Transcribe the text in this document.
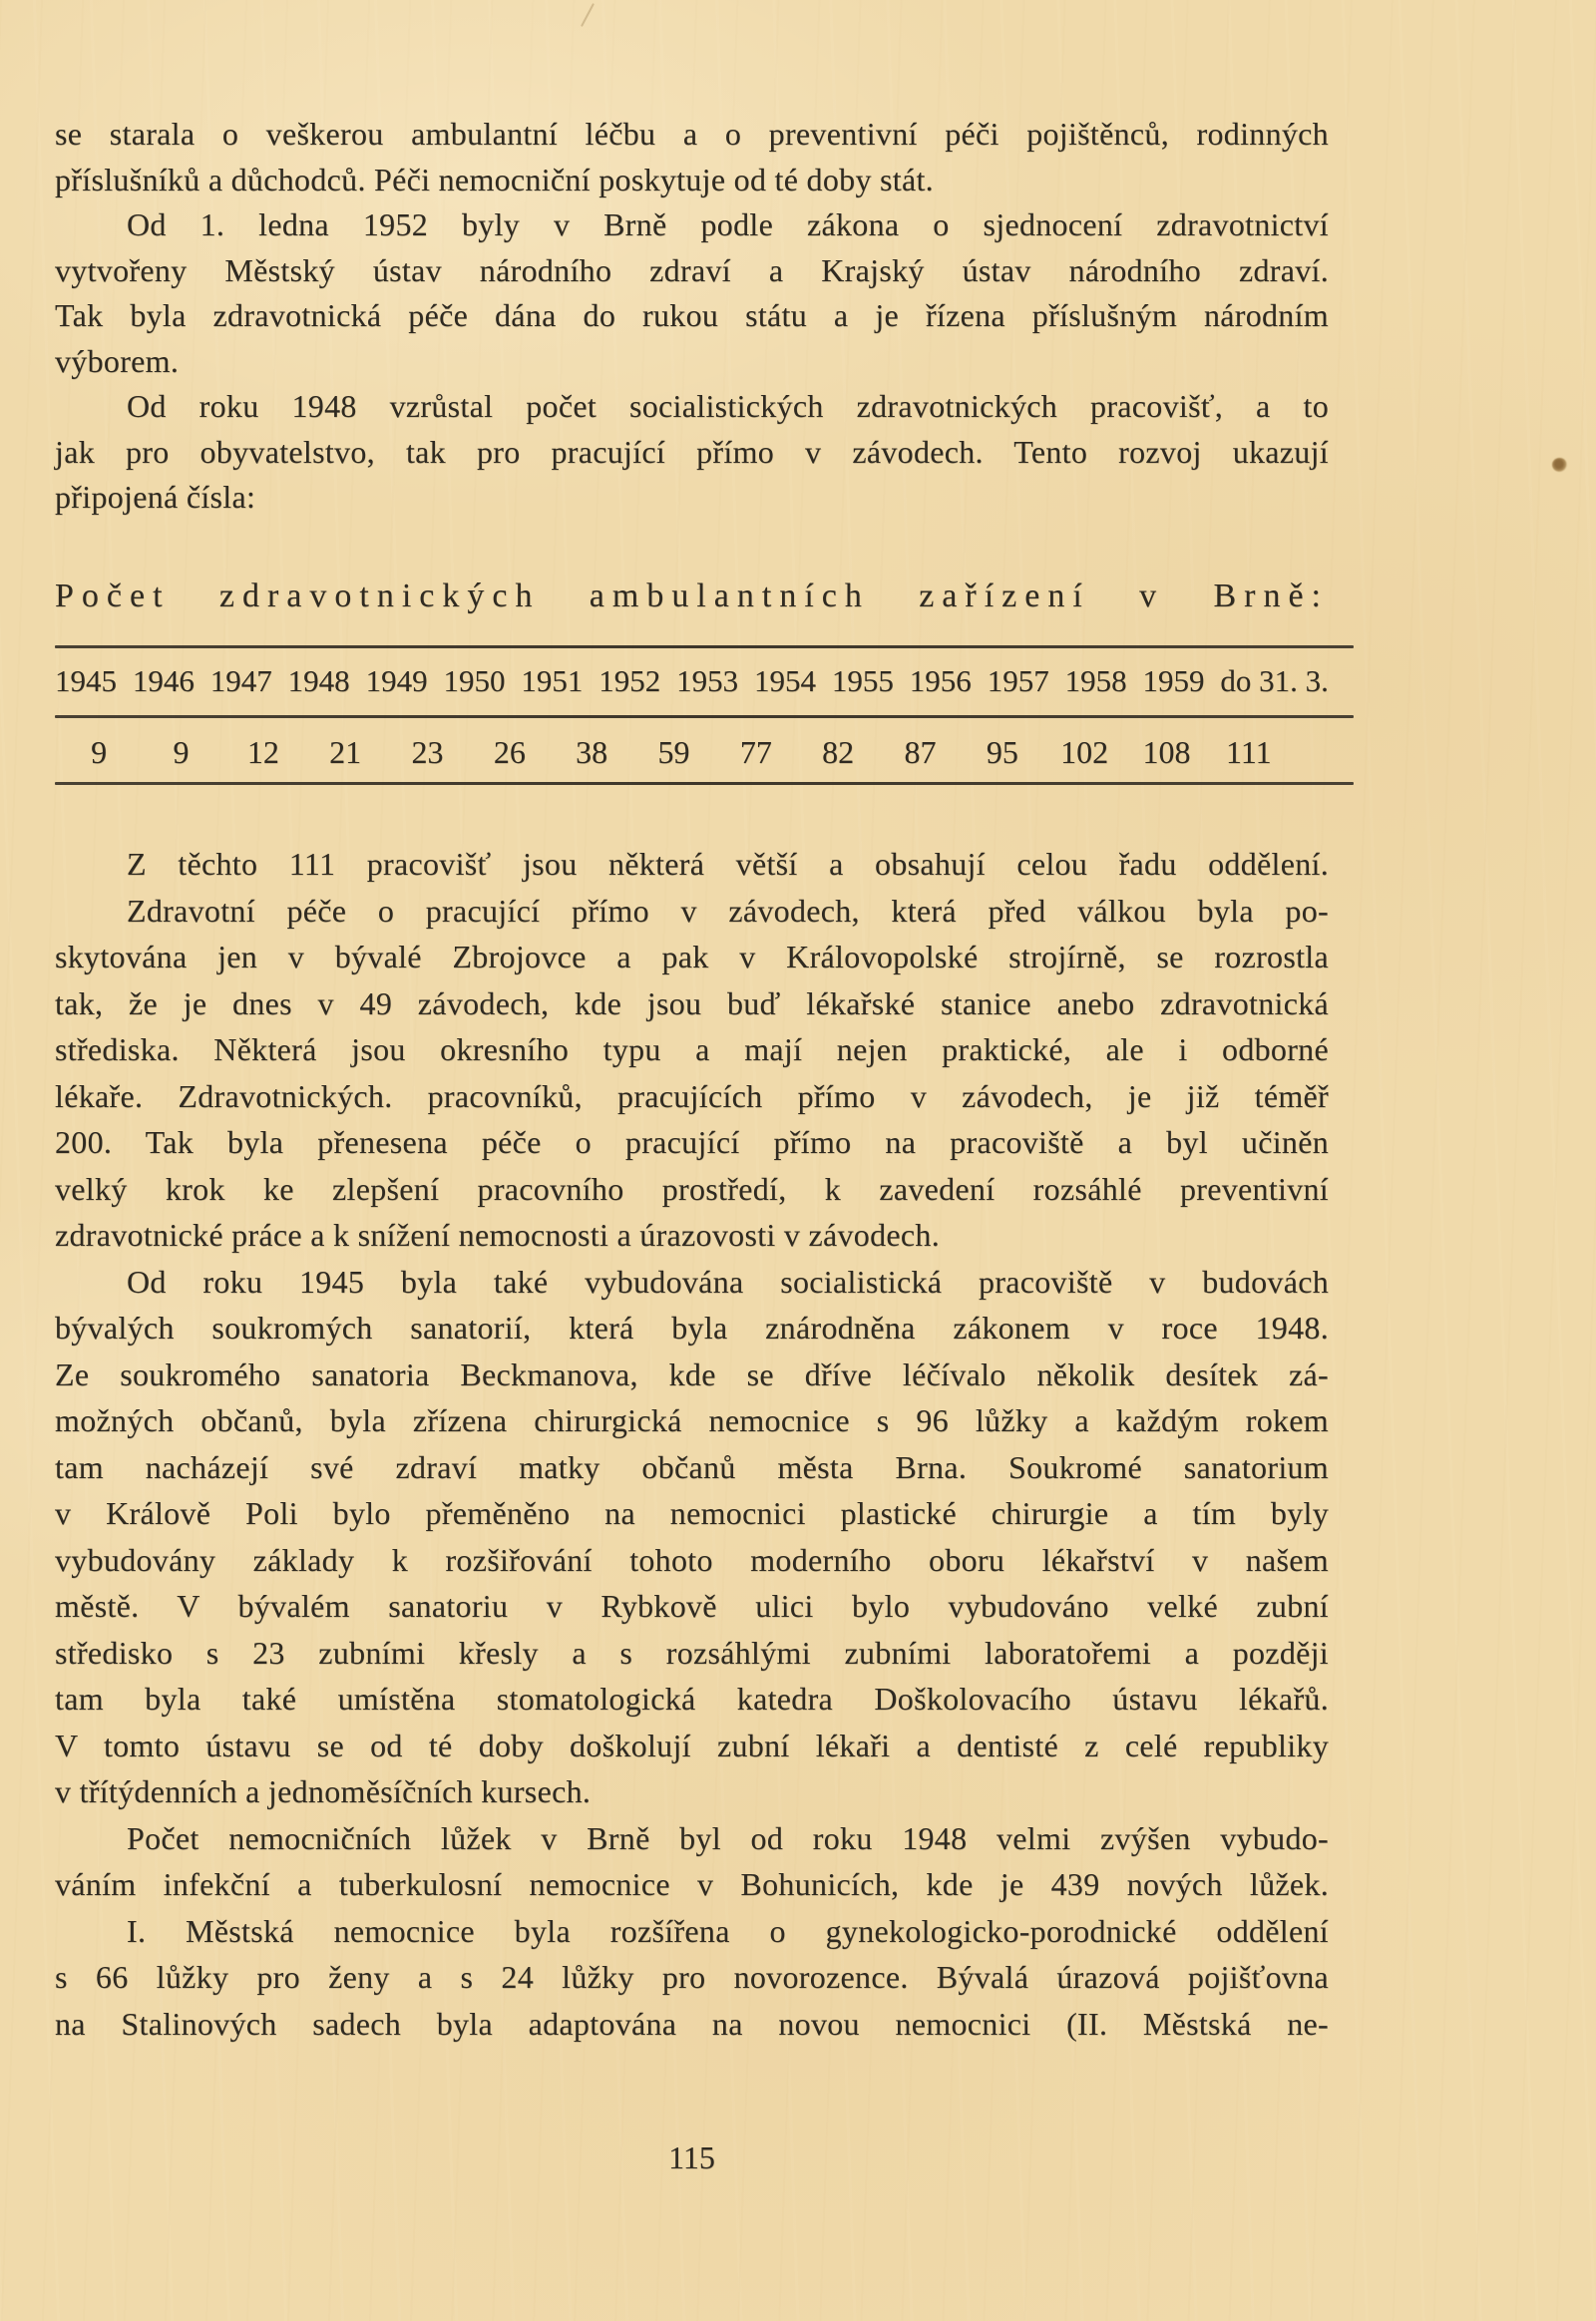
se starala o veškerou ambulantní léčbu a o preventivní péči pojištěnců, rodinných
příslušníků a důchodců. Péči nemocniční poskytuje od té doby stát.
Od 1. ledna 1952 byly v Brně podle zákona o sjednocení zdravotnictví
vytvořeny Městský ústav národního zdraví a Krajský ústav národního zdraví.
Tak byla zdravotnická péče dána do rukou státu a je řízena příslušným národním
výborem.
Od roku 1948 vzrůstal počet socialistických zdravotnických pracovišť, a to
jak pro obyvatelstvo, tak pro pracující přímo v závodech. Tento rozvoj ukazují
připojená čísla:
Počet zdravotnických ambulantních zařízení v Brně:
1945 1946 1947 1948 1949 1950 1951 1952 1953 1954 1955 1956 1957 1958 1959 do 31. 3.
9	9	12	21	23	26	38	59	77	82	87	95	102	108	111
Z těchto 111 pracovišť jsou některá větší a obsahují celou řadu oddělení.
Zdravotní péče o pracující přímo v závodech, která před válkou byla po-
skytována jen v bývalé Zbrojovce a pak v Královopolské strojírně, se rozrostla
tak, že je dnes v 49 závodech, kde jsou buď lékařské stanice anebo zdravotnická
střediska. Některá jsou okresního typu a mají nejen praktické, ale i odborné
lékaře. Zdravotnických. pracovníků, pracujících přímo v závodech, je již téměř
200. Tak byla přenesena péče o pracující přímo na pracoviště a byl učiněn
velký krok ke zlepšení pracovního prostředí, k zavedení rozsáhlé preventivní
zdravotnické práce a k snížení nemocnosti a úrazovosti v závodech.
Od roku 1945 byla také vybudována socialistická pracoviště v budovách
bývalých soukromých sanatorií, která byla znárodněna zákonem v roce 1948.
Ze soukromého sanatoria Beckmanova, kde se dříve léčívalo několik desítek zá-
možných občanů, byla zřízena chirurgická nemocnice s 96 lůžky a každým rokem
tam nacházejí své zdraví matky občanů města Brna. Soukromé sanatorium
v Králově Poli bylo přeměněno na nemocnici plastické chirurgie a tím byly
vybudovány základy k rozšiřování tohoto moderního oboru lékařství v našem
městě. V bývalém sanatoriu v Rybkově ulici bylo vybudováno velké zubní
středisko s 23 zubními křesly a s rozsáhlými zubními laboratořemi a později
tam byla také umístěna stomatologická katedra Doškolovacího ústavu lékařů.
V tomto ústavu se od té doby doškolují zubní lékaři a dentisté z celé republiky
v třítýdenních a jednoměsíčních kursech.
Počet nemocničních lůžek v Brně byl od roku 1948 velmi zvýšen vybudo-
váním infekční a tuberkulosní nemocnice v Bohunicích, kde je 439 nových lůžek.
I. Městská nemocnice byla rozšířena o gynekologicko-porodnické oddělení
s 66 lůžky pro ženy a s 24 lůžky pro novorozence. Bývalá úrazová pojišťovna
na Stalinových sadech byla adaptována na novou nemocnici (II. Městská ne-
115
